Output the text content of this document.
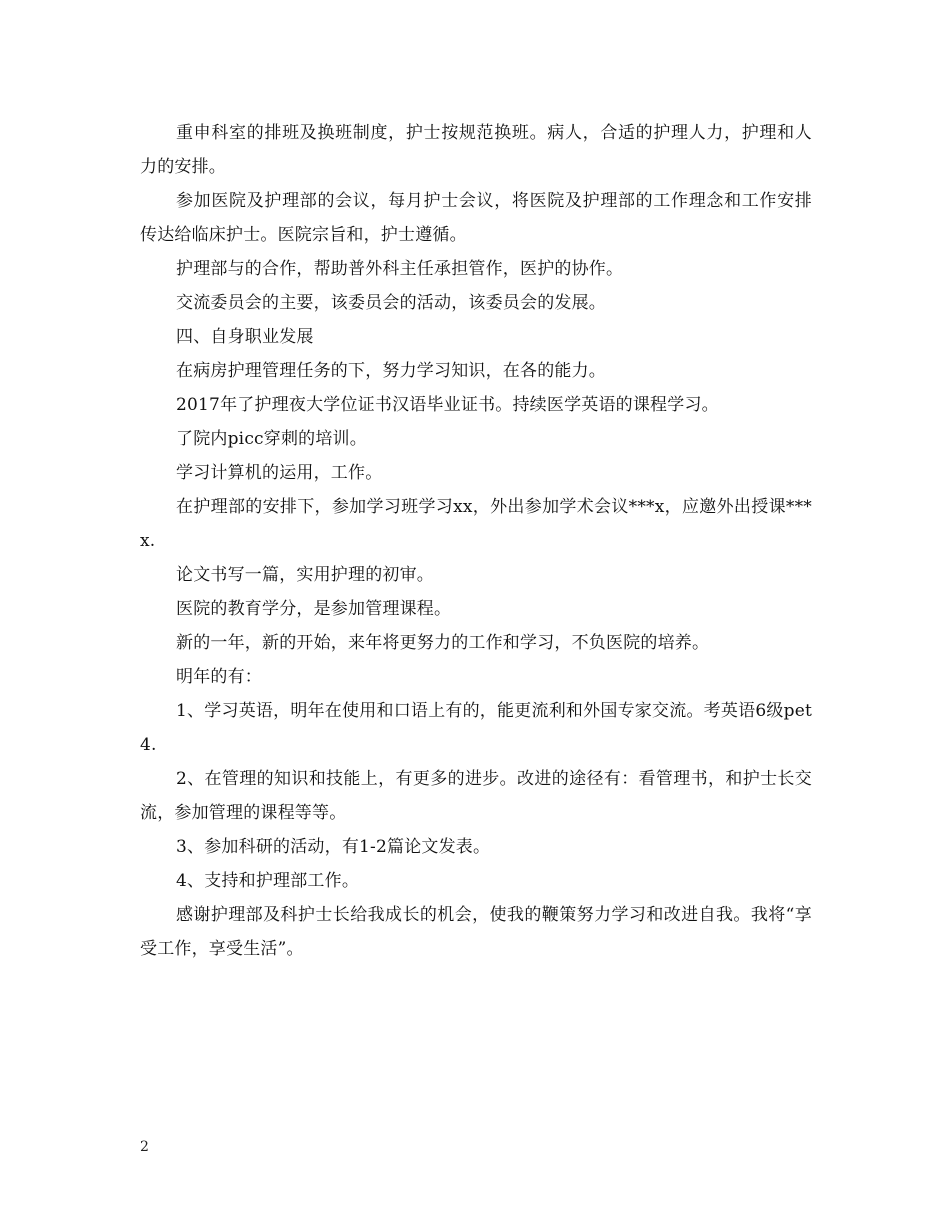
重申科室的排班及换班制度，护士按规范换班。病人，合适的护理人力，护理和人力的安排。

参加医院及护理部的会议，每月护士会议，将医院及护理部的工作理念和工作安排传达给临床护士。医院宗旨和，护士遵循。

护理部与的合作，帮助普外科主任承担管作，医护的协作。

交流委员会的主要，该委员会的活动，该委员会的发展。

四、自身职业发展

在病房护理管理任务的下，努力学习知识，在各的能力。

2017年了护理夜大学位证书汉语毕业证书。持续医学英语的课程学习。

了院内picc穿刺的培训。

学习计算机的运用，工作。

在护理部的安排下，参加学习班学习xx，外出参加学术会议***x，应邀外出授课***x.

论文书写一篇，实用护理的初审。

医院的教育学分，是参加管理课程。

新的一年，新的开始，来年将更努力的工作和学习，不负医院的培养。

明年的有：

1、学习英语，明年在使用和口语上有的，能更流利和外国专家交流。考英语6级pet4.

2、在管理的知识和技能上，有更多的进步。改进的途径有：看管理书，和护士长交流，参加管理的课程等等。

3、参加科研的活动，有1-2篇论文发表。

4、支持和护理部工作。

感谢护理部及科护士长给我成长的机会，使我的鞭策努力学习和改进自我。我将“享受工作，享受生活”。

2
